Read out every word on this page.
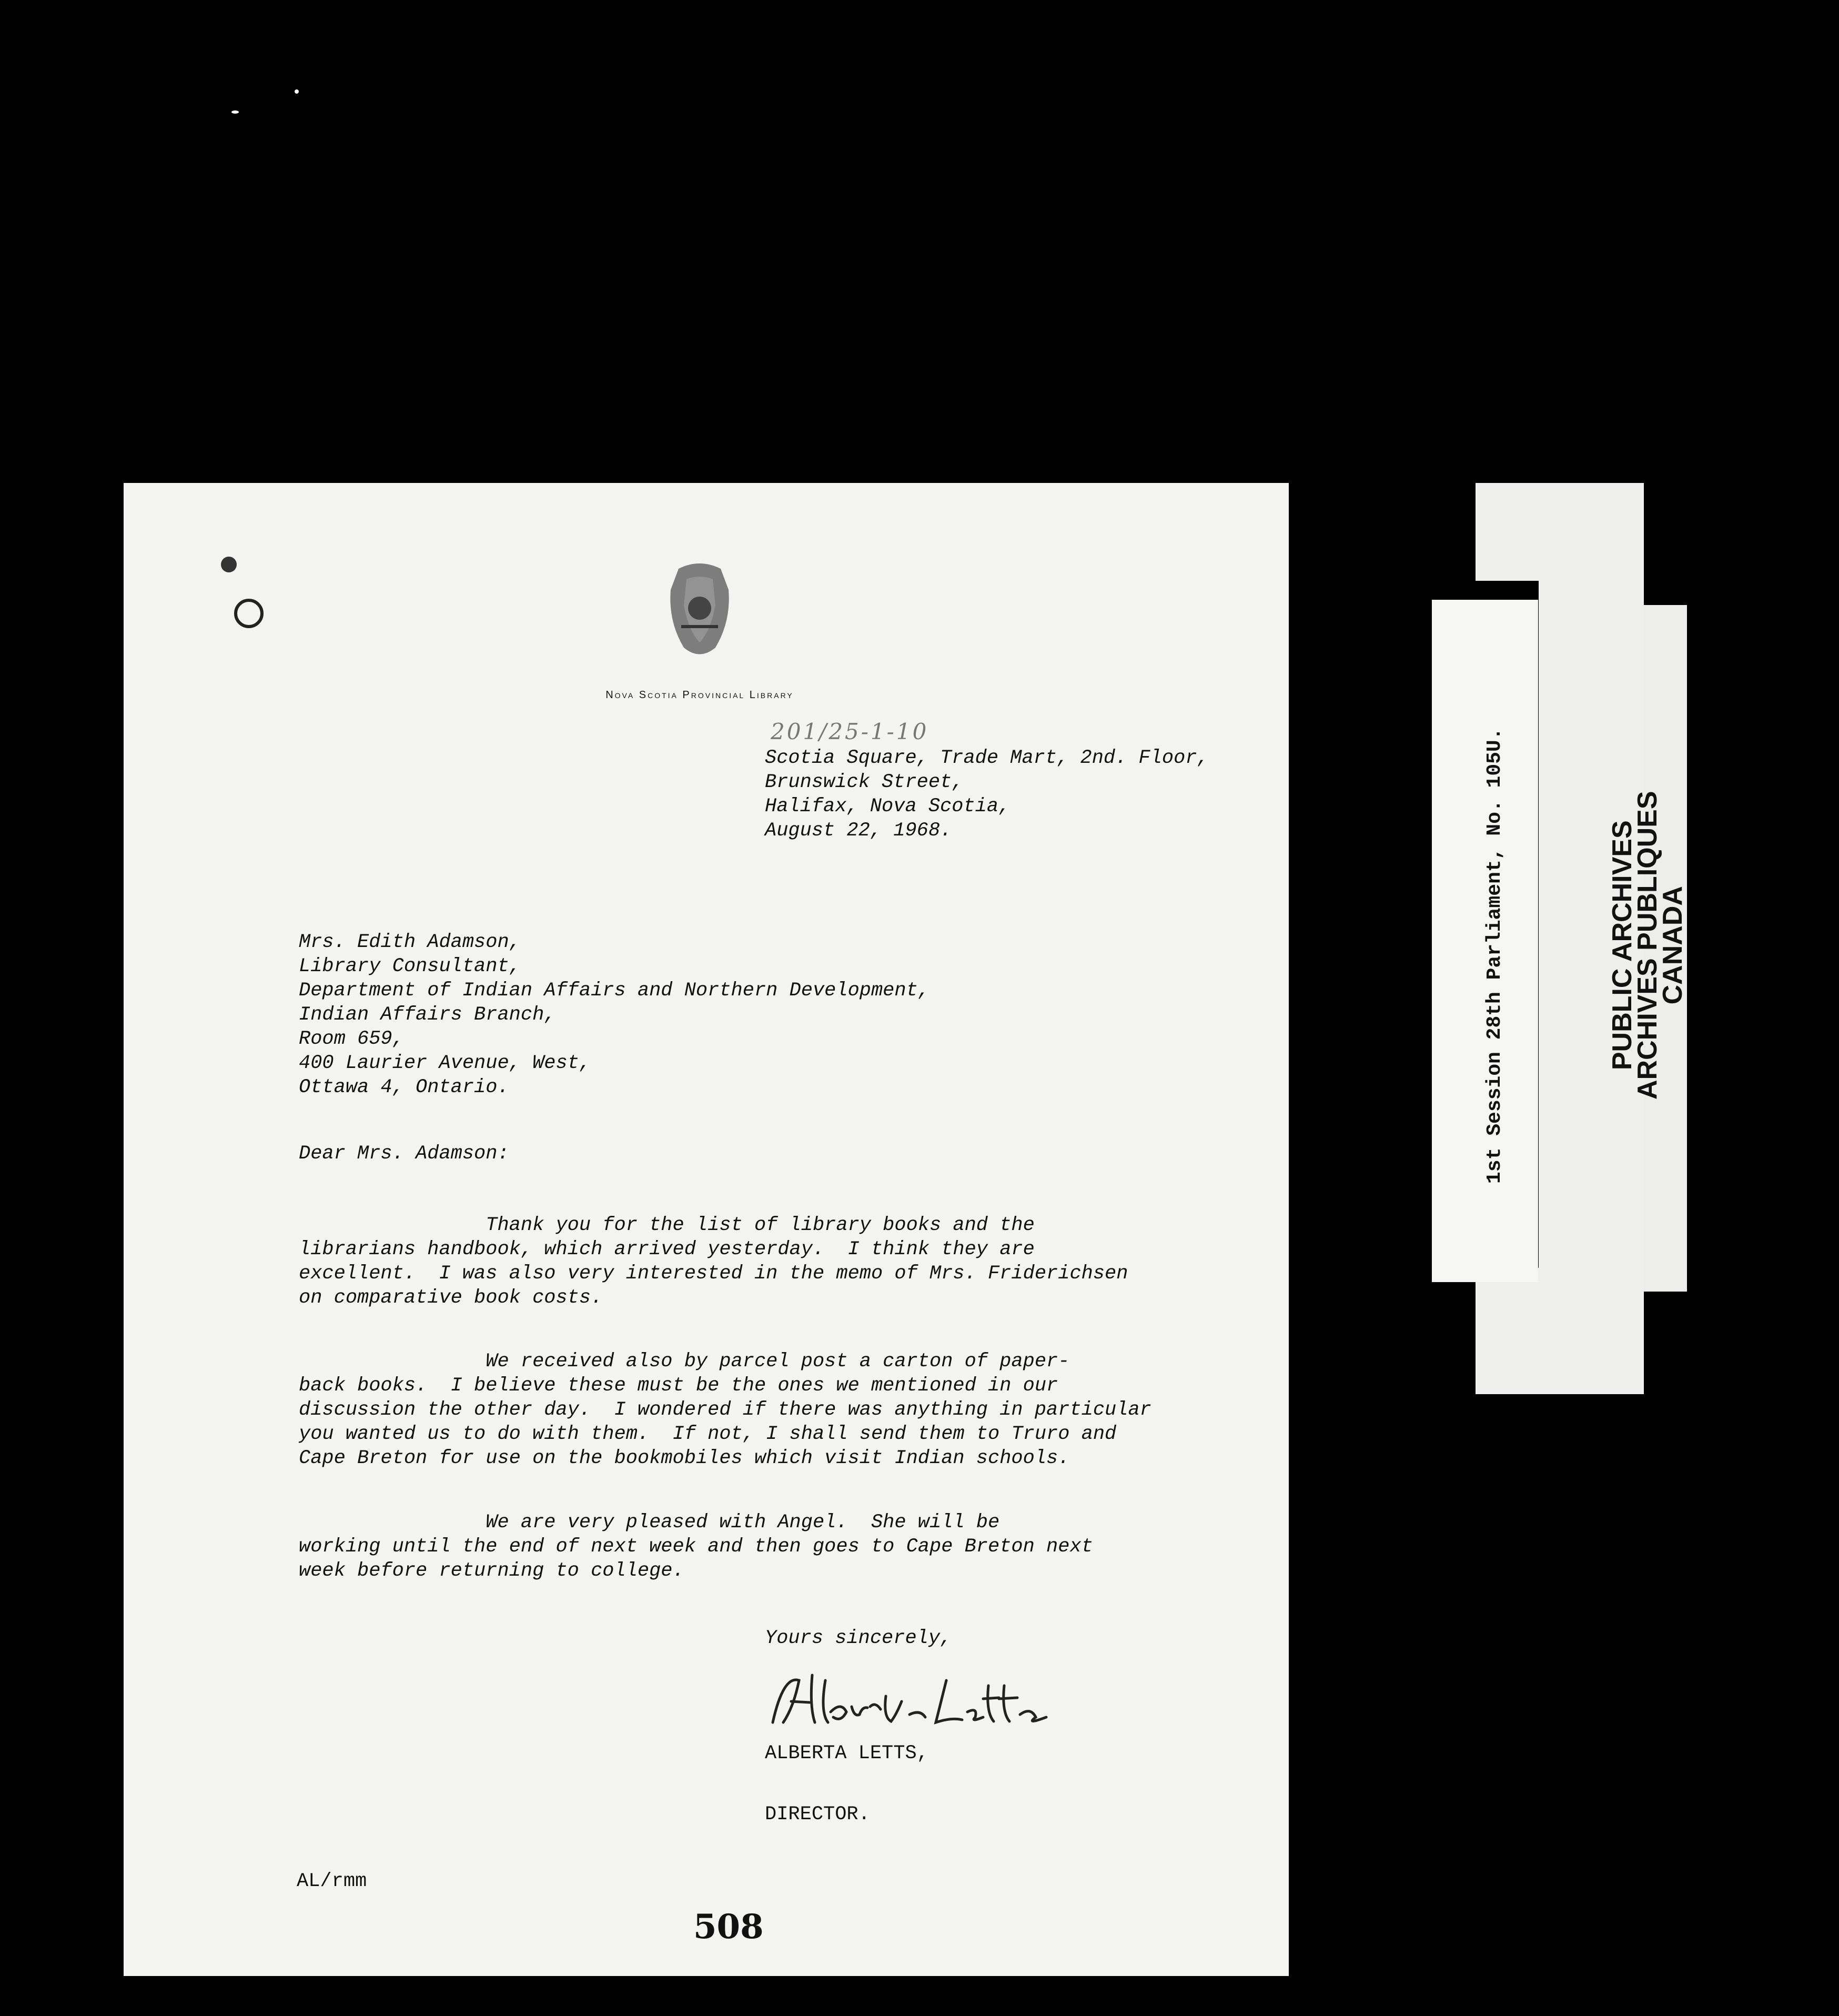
Nova Scotia Provincial Library
201/25-1-10
Scotia Square, Trade Mart, 2nd. Floor,
Brunswick Street,
Halifax, Nova Scotia,
August 22, 1968.
Mrs. Edith Adamson,
Library Consultant,
Department of Indian Affairs and Northern Development,
Indian Affairs Branch,
Room 659,
400 Laurier Avenue, West,
Ottawa 4, Ontario.
Dear Mrs. Adamson:
Thank you for the list of library books and the
librarians handbook, which arrived yesterday.  I think they are
excellent.  I was also very interested in the memo of Mrs. Friderichsen
on comparative book costs.
We received also by parcel post a carton of paper-
back books.  I believe these must be the ones we mentioned in our
discussion the other day.  I wondered if there was anything in particular
you wanted us to do with them.  If not, I shall send them to Truro and
Cape Breton for use on the bookmobiles which visit Indian schools.
We are very pleased with Angel.  She will be
working until the end of next week and then goes to Cape Breton next
week before returning to college.
Yours sincerely,
ALBERTA LETTS,
DIRECTOR.
AL/rmm
508
1st Session 28th Parliament, No. 105U.	PUBLIC ARCHIVES
ARCHIVES PUBLIQUES
CANADA
